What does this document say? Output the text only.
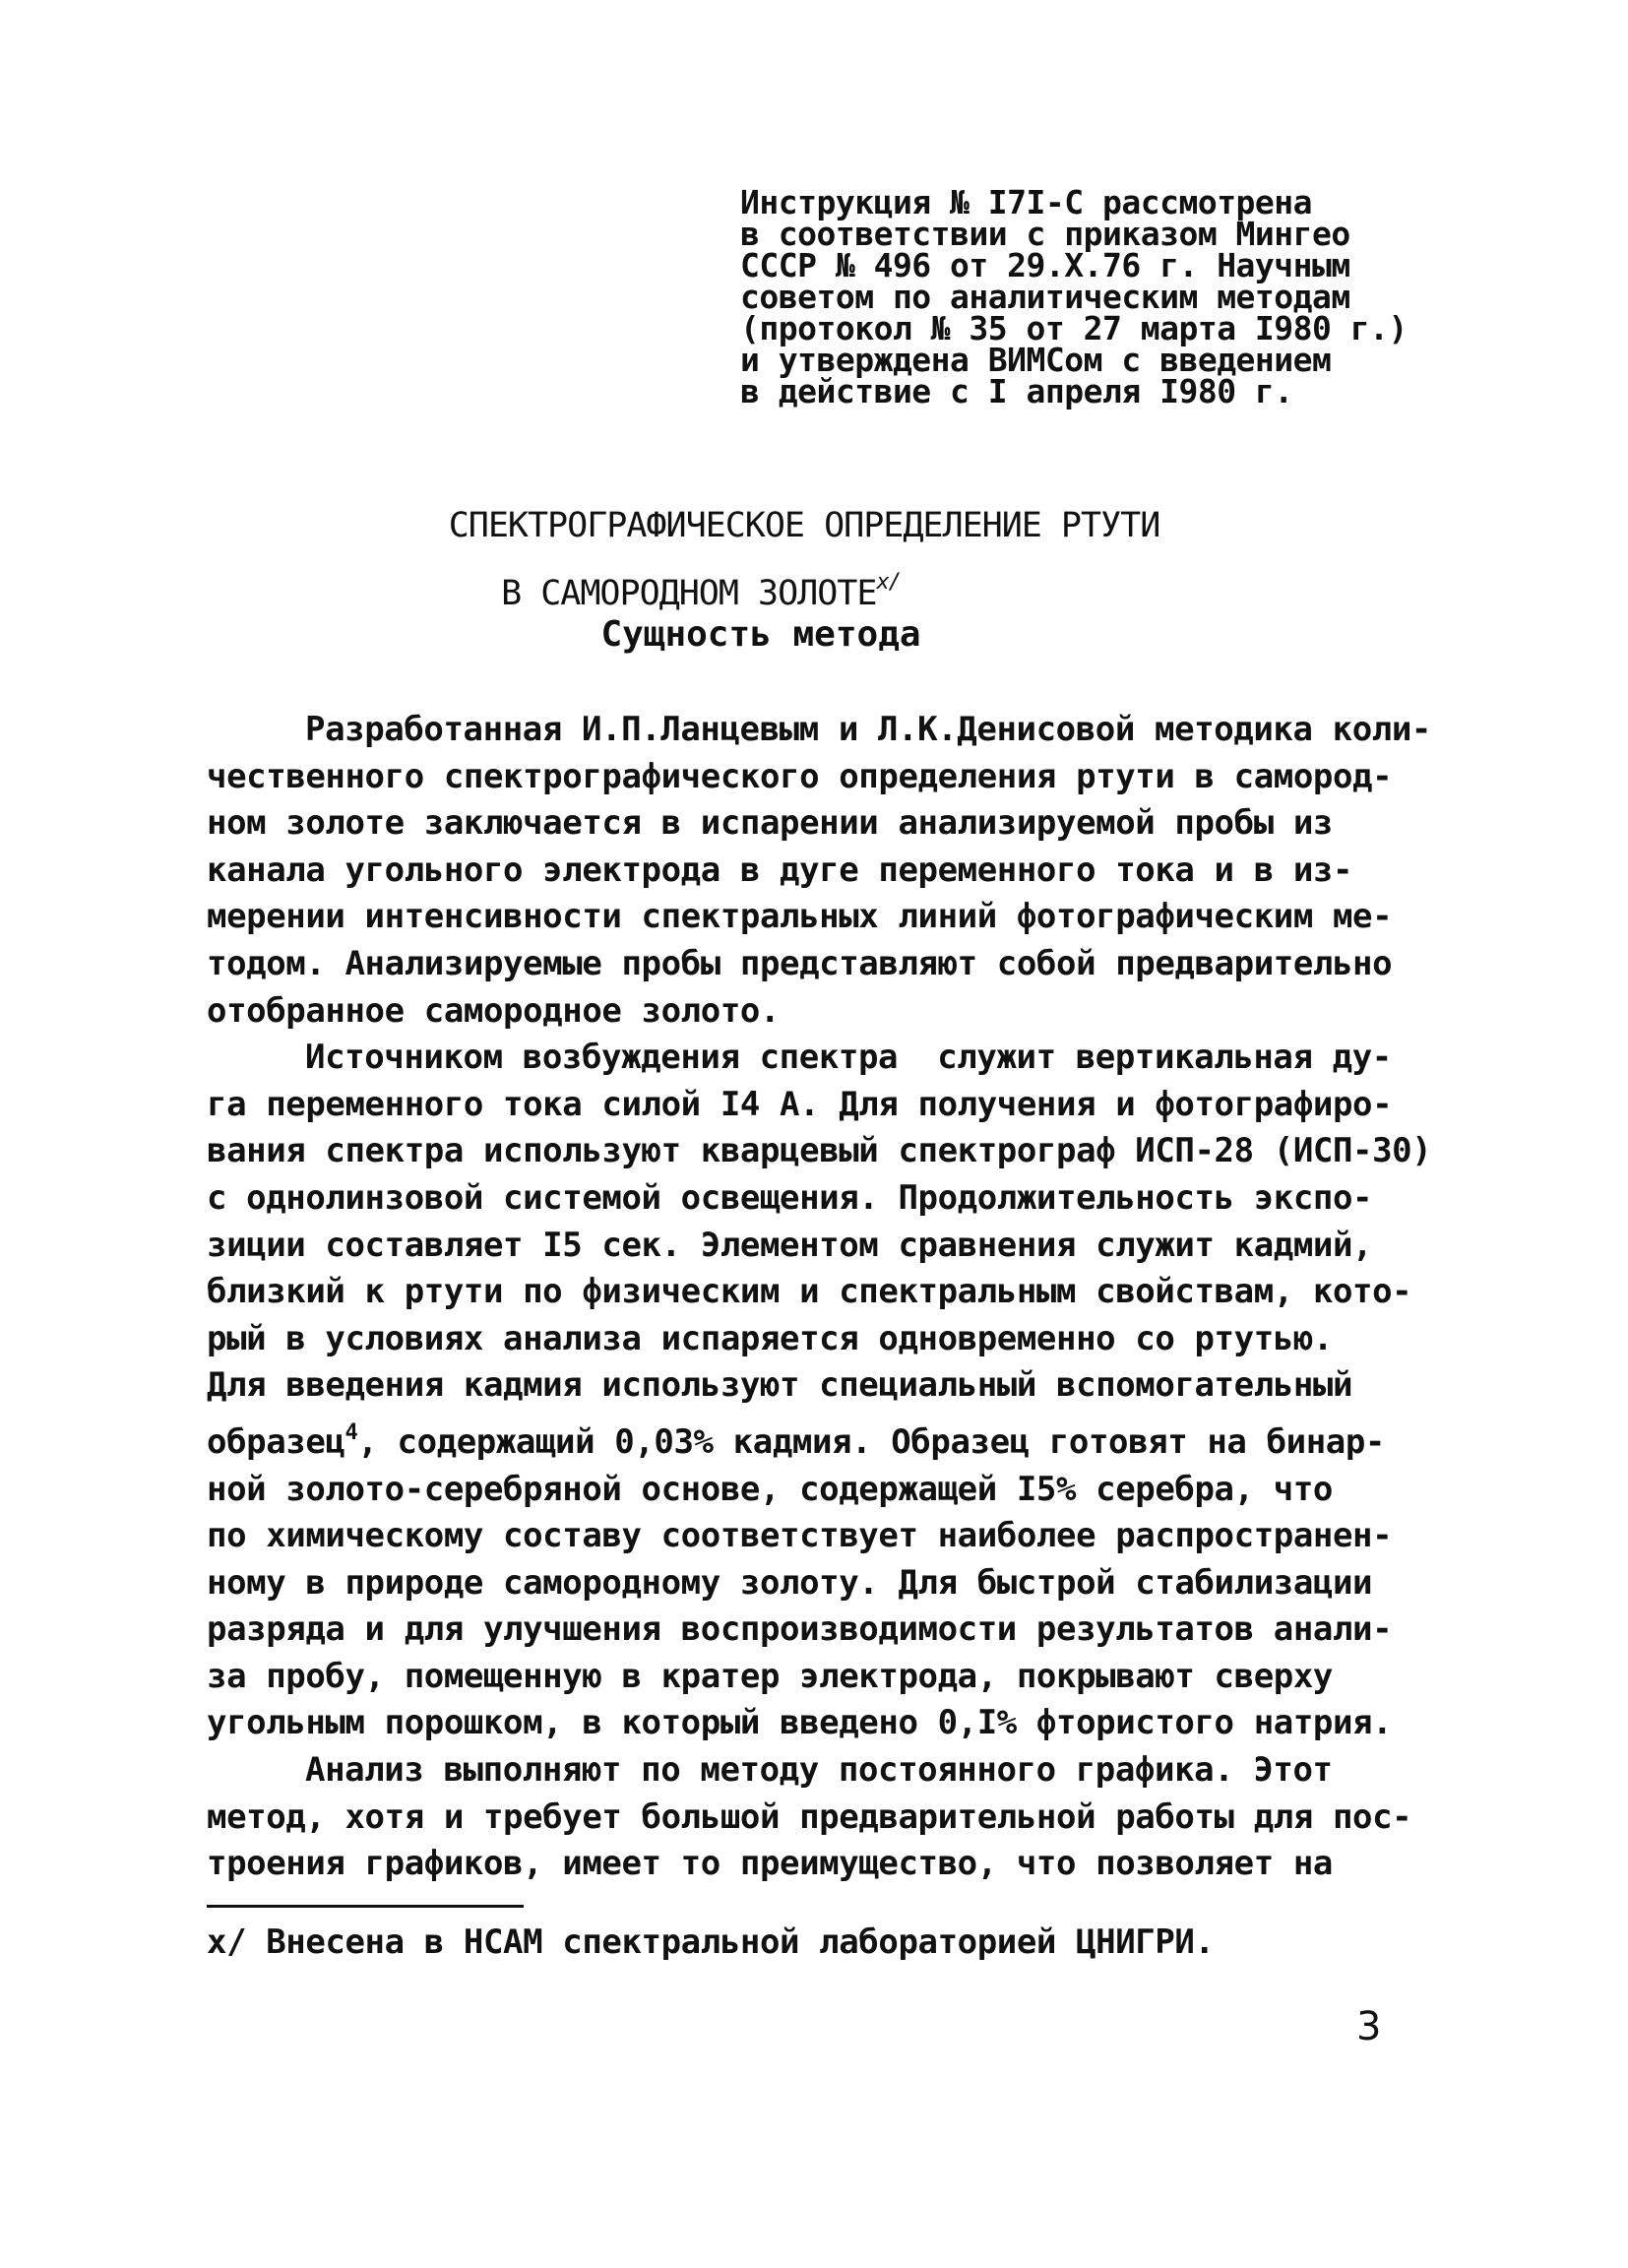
Инструкция № I7I-С рассмотрена
в соответствии с приказом Мингео
СССР № 496 от 29.Х.76 г. Научным
советом по аналитическим методам
(протокол № 35 от 27 марта I980 г.)
и утверждена ВИМСом с введением
в действие с I апреля I980 г.
СПЕКТРОГРАФИЧЕСКОЕ ОПРЕДЕЛЕНИЕ РТУТИ
В САМОРОДНОМ $ЗОЛОТЕ^{х/}$
Сущность метода
Разработанная И.П.Ланцевым и Л.К.Денисовой методика коли-
чественного спектрографического определения ртути в самород-
ном золоте заключается в испарении анализируемой пробы из
канала угольного электрода в дуге переменного тока и в из-
мерении интенсивности спектральных линий фотографическим ме-
тодом. Анализируемые пробы представляют собой предварительно
отобранное самородное золото.
Источником возбуждения спектра  служит вертикальная ду-
га переменного тока силой I4 А. Для получения и фотографиро-
вания спектра используют кварцевый спектрограф ИСП-28 (ИСП-30)
с однолинзовой системой освещения. Продолжительность экспо-
зиции составляет I5 сек. Элементом сравнения служит кадмий,
близкий к ртути по физическим и спектральным свойствам, кото-
рый в условиях анализа испаряется одновременно со ртутью.
Для введения кадмия используют специальный вспомогательный
образец$^4$, содержащий 0,03% кадмия. Образец готовят на бинар-
ной золото-серебряной основе, содержащей I5% серебра, что
по химическому составу соответствует наиболее распространен-
ному в природе самородному золоту. Для быстрой стабилизации
разряда и для улучшения воспроизводимости результатов анали-
за пробу, помещенную в кратер электрода, покрывают сверху
угольным порошком, в который введено 0,I% фтористого натрия.
Анализ выполняют по методу постоянного графика. Этот
метод, хотя и требует большой предварительной работы для пос-
троения графиков, имеет то преимущество, что позволяет на
х/ Внесена в НСАМ спектральной лабораторией ЦНИГРИ.
3
